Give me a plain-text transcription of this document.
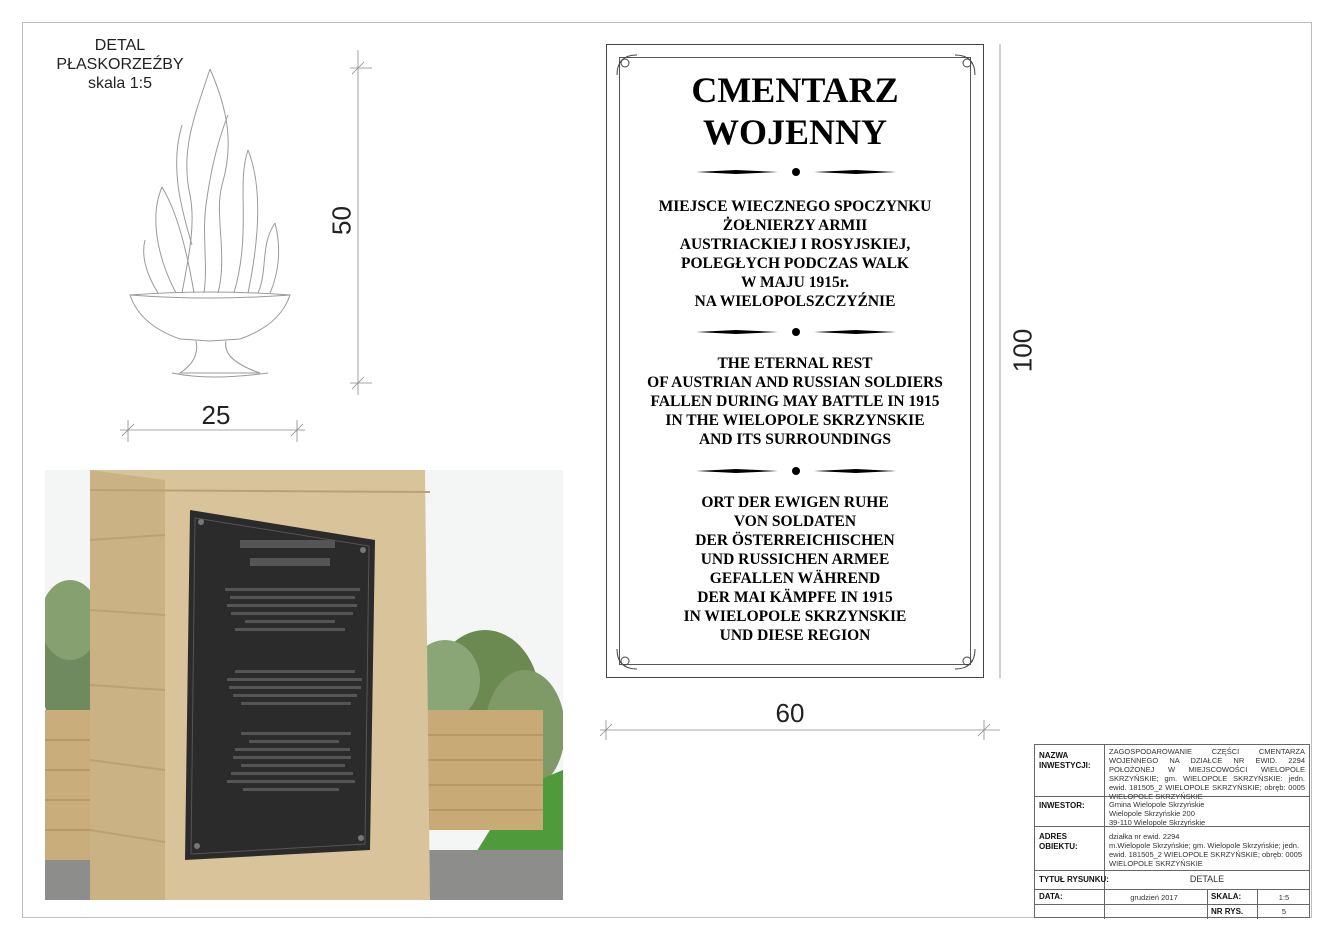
DETAL
PŁASKORZEŹBY
skala 1:5
50
25
CMENTARZ
WOJENNY
MIEJSCE WIECZNEGO SPOCZYNKU
ŻOŁNIERZY ARMII
AUSTRIACKIEJ I ROSYJSKIEJ,
POLEGŁYCH PODCZAS WALK
W MAJU 1915r.
NA WIELOPOLSZCZYŹNIE
THE ETERNAL REST
OF AUSTRIAN AND RUSSIAN SOLDIERS
FALLEN DURING MAY BATTLE IN 1915
IN THE WIELOPOLE SKRZYNSKIE
AND ITS SURROUNDINGS
ORT DER EWIGEN RUHE
VON SOLDATEN
DER ÖSTERREICHISCHEN
UND RUSSICHEN ARMEE
GEFALLEN WÄHREND
DER MAI KÄMPFE IN 1915
IN WIELOPOLE SKRZYNSKIE
UND DIESE REGION
100
60
NAZWA INWESTYCJI:
ZAGOSPODAROWANIE CZĘŚCI CMENTARZA WOJENNEGO NA DZIAŁCE NR EWID. 2294 POŁOŻONEJ W MIEJSCOWOŚCI WIELOPOLE SKRZYŃSKIE; gm. WIELOPOLE SKRZYŃSKIE: jedn. ewid. 181505_2 WIELOPOLE SKRZYŃSKIE; obręb: 0005 WIELOPOLE SKRZYŃSKIE
INWESTOR:	Gmina Wielopole Skrzyńskie
Wielopole Skrzyńskie 200
39-110 Wielopole Skrzyńskie
ADRES OBIEKTU:
działka nr ewid. 2294
m.Wielopole Skrzyńskie; gm. Wielopole Skrzyńskie; jedn. ewid. 181505_2 WIELOPOLE SKRZYŃSKIE; obręb: 0005 WIELOPOLE SKRZYŃSKIE
TYTUŁ RYSUNKU:	DETALE
DATA:	grudzień 2017	SKALA:	1:5
NR RYS.	5
